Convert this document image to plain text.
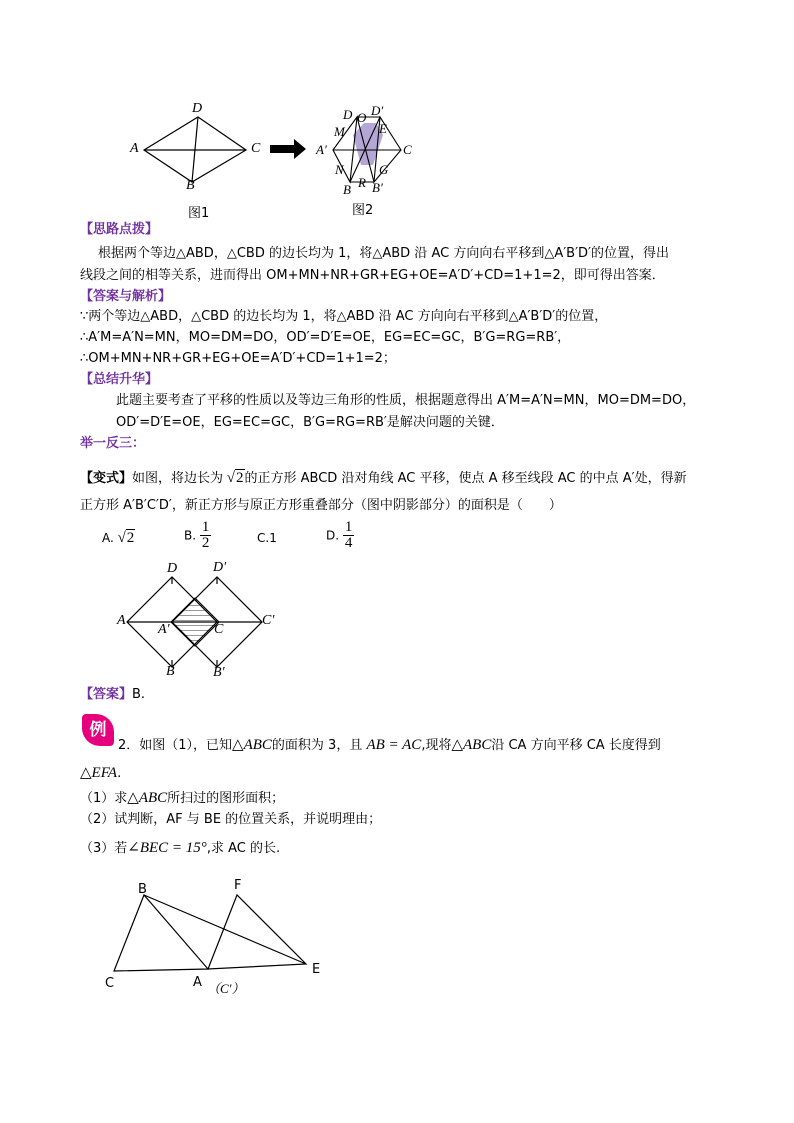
D
A	C
B
图1
D O D′
M	E
A′	C
N	G
R
B B′
图2
【思路点拨】
根据两个等边△ABD，△CBD 的边长均为 1，将△ABD 沿 AC 方向向右平移到△A′B′D′的位置，得出
线段之间的相等关系，进而得出 OM+MN+NR+GR+EG+OE=A′D′+CD=1+1=2，即可得出答案．
【答案与解析】
∵两个等边△ABD，△CBD 的边长均为 1，将△ABD 沿 AC 方向向右平移到△A′B′D′的位置，
∴A′M=A′N=MN，MO=DM=DO，OD′=D′E=OE，EG=EC=GC，B′G=RG=RB′，
∴OM+MN+NR+GR+EG+OE=A′D′+CD=1+1=2；
【总结升华】
此题主要考查了平移的性质以及等边三角形的性质，根据题意得出 A′M=A′N=MN，MO=DM=DO，
OD′=D′E=OE，EG=EC=GC，B′G=RG=RB′是解决问题的关键．
举一反三：
【变式】如图，将边长为 √2的正方形 ABCD 沿对角线 AC 平移，使点 A 移至线段 AC 的中点 A′处，得新
正方形 A′B′C′D′，新正方形与原正方形重叠部分（图中阴影部分）的面积是（　　）
A. √2	B. $\frac{1}{2}$	C.1	D. $\frac{1}{4}$
D	D′
A
A′	C
C′
B	B′
【答案】B.
例
2．如图（1），已知△ABC的面积为 3，且 AB = AC,现将△ABC沿 CA 方向平移 CA 长度得到
△EFA.
（1）求△ABC所扫过的图形面积；
（2）试判断，AF 与 BE 的位置关系，并说明理由；
（3）若∠BEC = 15°,求 AC 的长.
B	F
C	A
E
（C′）
